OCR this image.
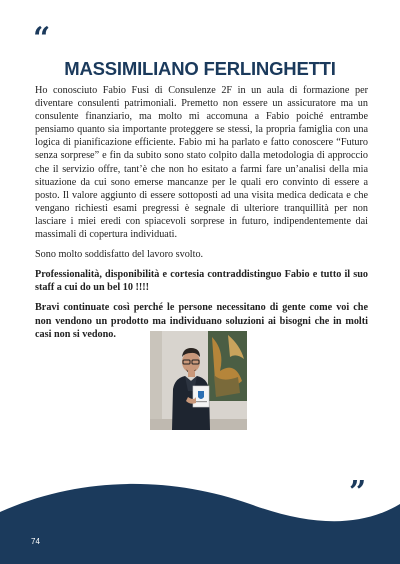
“
MASSIMILIANO FERLINGHETTI

Ho conosciuto Fabio Fusi di Consulenze 2F in un aula di formazione per diventare consulenti patrimoniali. Premetto non essere un assicuratore ma un consulente finanziario, ma molto mi accomuna a Fabio poiché entrambe pensiamo quanto sia importante proteggere se stessi, la propria famiglia con una logica di pianificazione efficiente. Fabio mi ha parlato e fatto conoscere “Futuro senza sorprese” e fin da subito sono stato colpito dalla metodologia di approccio che il servizio offre, tant’è che non ho esitato a farmi fare un’analisi della mia situazione da cui sono emerse mancanze per le quali ero convinto di essere a posto. Il valore aggiunto di essere sottoposti ad una visita medica dedicata e che vengano richiesti esami pregressi è segnale di ulteriore tranquillità per non lasciare i miei eredi con spiacevoli sorprese in futuro, indipendentemente dai massimali di copertura individuati.

Sono molto soddisfatto del lavoro svolto.

Professionalità, disponibilità e cortesia contraddistinguo Fabio e tutto il suo staff a cui do un bel 10 !!!!

Bravi continuate così perché le persone necessitano di gente come voi che non vendono un prodotto ma individuano soluzioni ai bisogni che in molti casi non si vedono.

”
74
